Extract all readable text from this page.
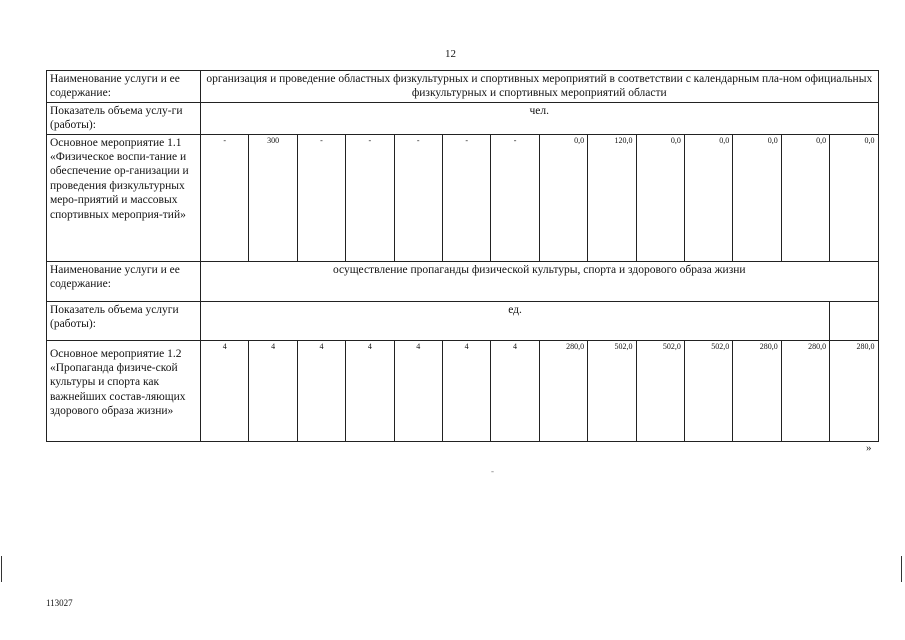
12
Наименование услуги и ее содержание:	организация и проведение областных физкультурных и спортивных мероприятий в соответствии с календарным пла-ном официальных физкультурных и спортивных мероприятий области													
Показатель объема услу-ги (работы):	чел.													
Основное мероприятие 1.1 «Физическое воспи-тание и обеспечение ор-ганизации и проведения физкультурных меро-приятий и массовых спортивных мероприя-тий»	-	300	-	-	-	-	-	0,0	120,0	0,0	0,0	0,0	0,0	0,0
Наименование услуги и ее содержание:	осуществление пропаганды физической культуры, спорта и здорового образа жизни													
Показатель объема услуги (работы):	ед.													
Основное мероприятие 1.2 «Пропаганда физиче-ской культуры и спорта как важнейших состав-ляющих здорового образа жизни»	4	4	4	4	4	4	4	280,0	502,0	502,0	502,0	280,0	280,0	280,0
»
-
113027
